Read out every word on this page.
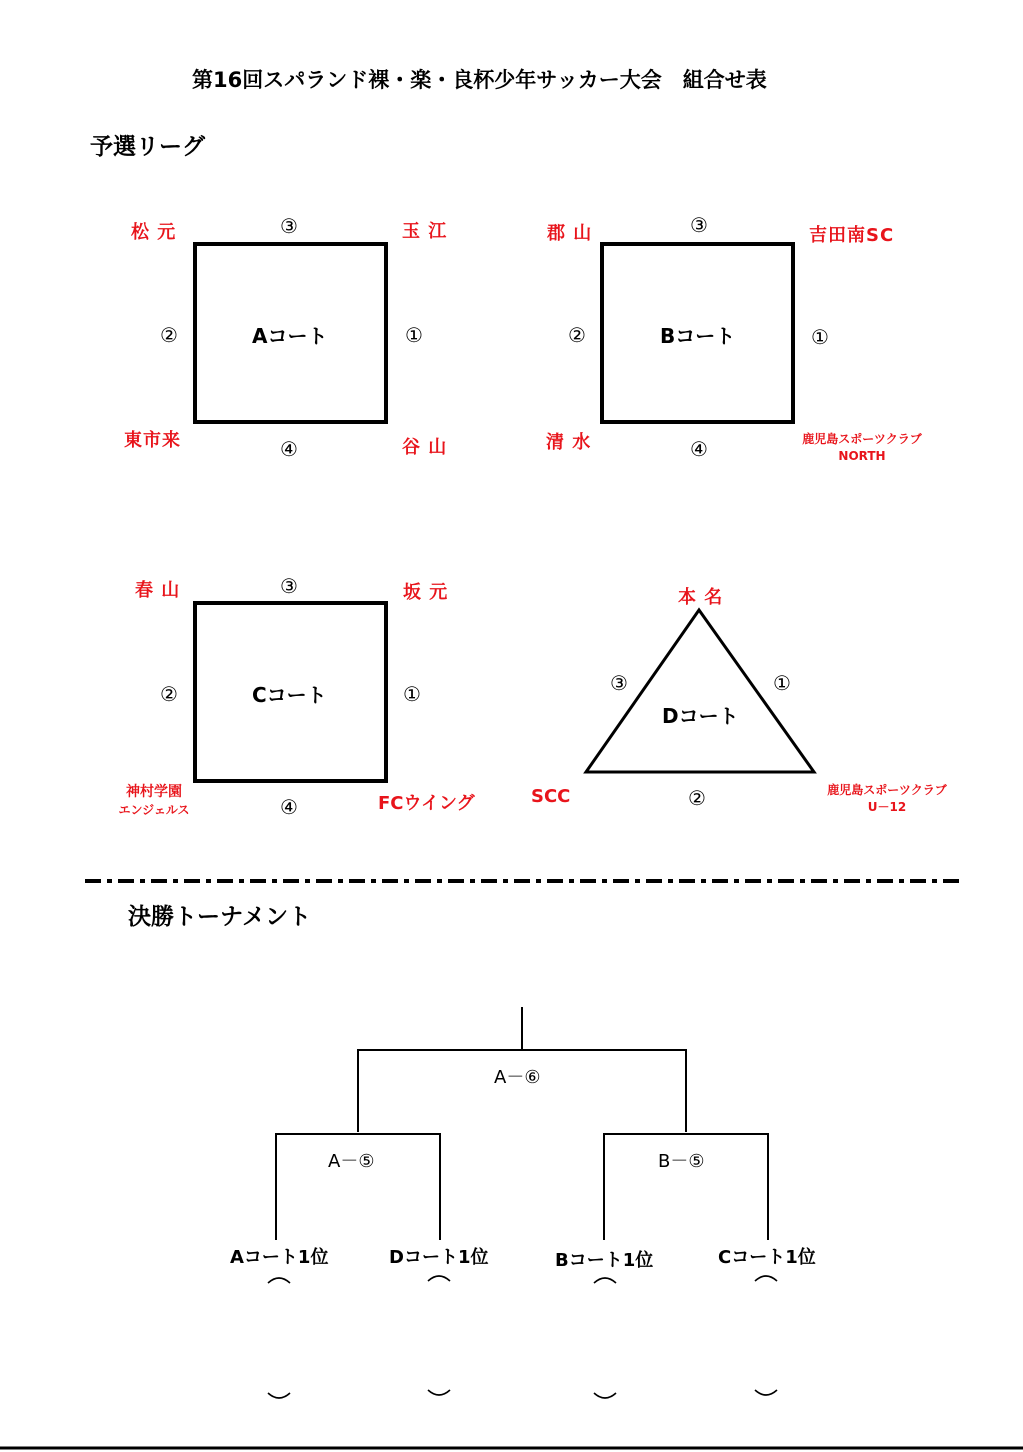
第16回スパランド裸・楽・良杯少年サッカー大会　組合せ表
予選リーグ
松 元	玉 江
東市来	谷 山
③
②	①
④
Aコート
郡 山	吉田南SC
清 水	鹿児島スポーツクラブ
NORTH
③
②	①
④
Bコート
春 山	坂 元
神村学園
エンジェルス	FCウイング
③
②	①
④
Cコート
本 名
SCC	鹿児島スポーツクラブ
U－12
③	①
②
Dコート
決勝トーナメント
A－⑥
A－⑤	B－⑤
Aコート1位	Dコート1位	Bコート1位	Cコート1位
